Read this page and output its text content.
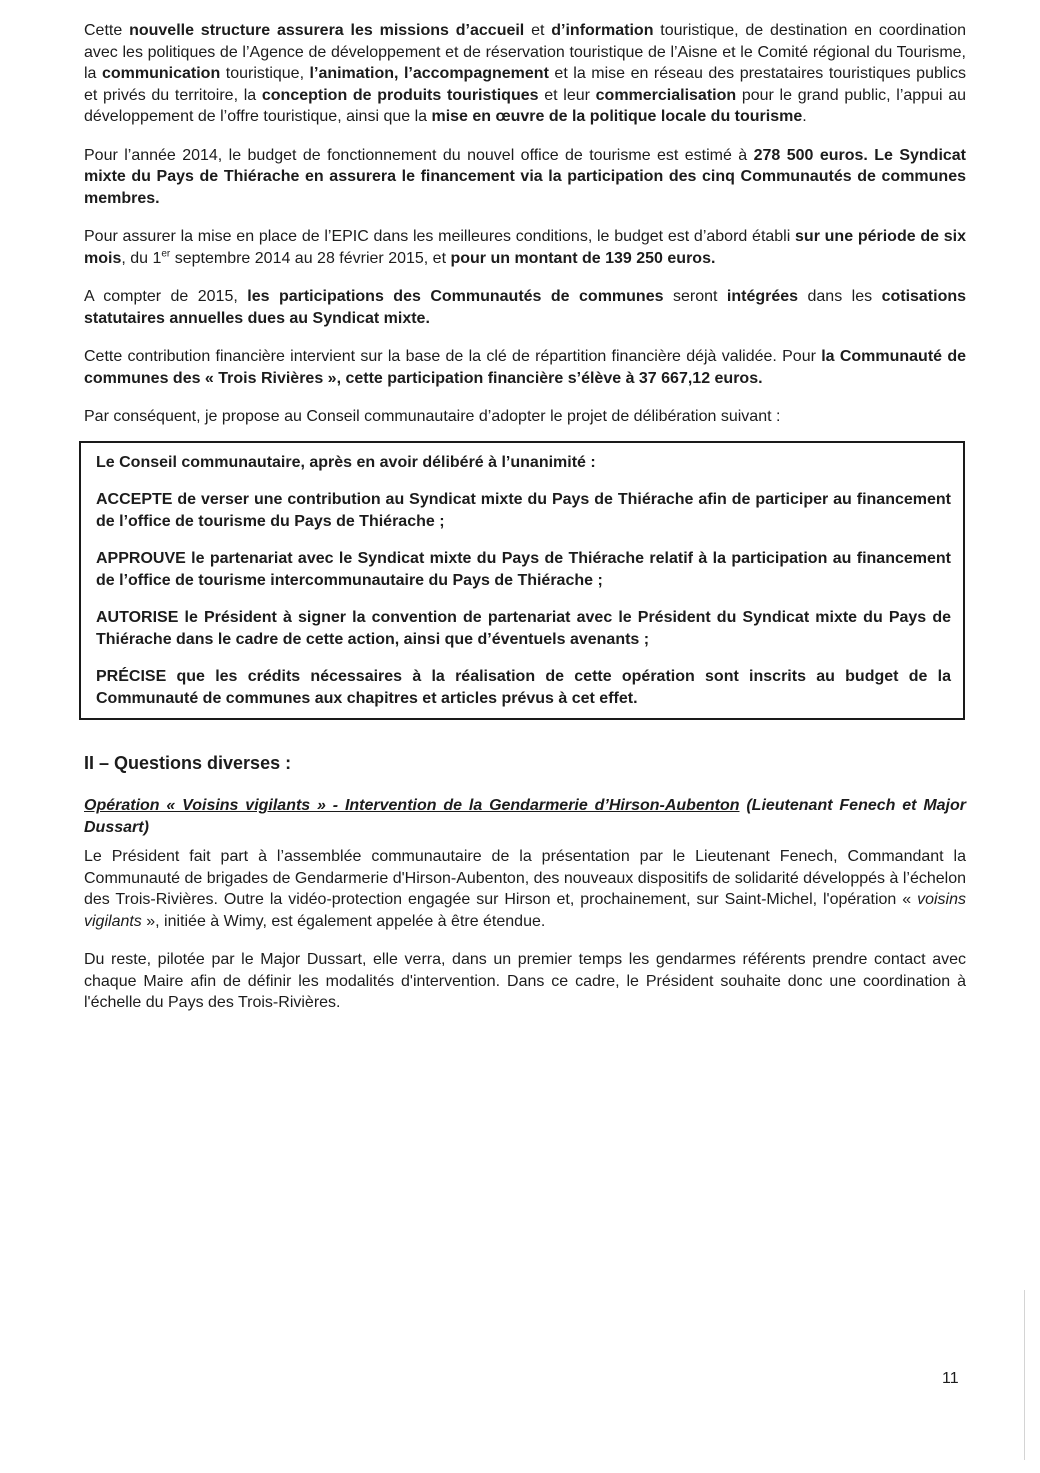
Cette nouvelle structure assurera les missions d’accueil et d’information touristique, de destination en coordination avec les politiques de l’Agence de développement et de réservation touristique de l’Aisne et le Comité régional du Tourisme, la communication touristique, l’animation, l’accompagnement et la mise en réseau des prestataires touristiques publics et privés du territoire, la conception de produits touristiques et leur commercialisation pour le grand public, l’appui au développement de l’offre touristique, ainsi que la mise en œuvre de la politique locale du tourisme.

Pour l’année 2014, le budget de fonctionnement du nouvel office de tourisme est estimé à 278 500 euros. Le Syndicat mixte du Pays de Thiérache en assurera le financement via la participation des cinq Communautés de communes membres.

Pour assurer la mise en place de l’EPIC dans les meilleures conditions, le budget est d’abord établi sur une période de six mois, du 1er septembre 2014 au 28 février 2015, et pour un montant de 139 250 euros.

A compter de 2015, les participations des Communautés de communes seront intégrées dans les cotisations statutaires annuelles dues au Syndicat mixte.

Cette contribution financière intervient sur la base de la clé de répartition financière déjà validée. Pour la Communauté de communes des « Trois Rivières », cette participation financière s’élève à 37 667,12 euros.

Par conséquent, je propose au Conseil communautaire d’adopter le projet de délibération suivant :

Le Conseil communautaire, après en avoir délibéré à l’unanimité :

ACCEPTE de verser une contribution au Syndicat mixte du Pays de Thiérache afin de participer au financement de l’office de tourisme du Pays de Thiérache ;

APPROUVE le partenariat avec le Syndicat mixte du Pays de Thiérache relatif à la participation au financement de l’office de tourisme intercommunautaire du Pays de Thiérache ;

AUTORISE le Président à signer la convention de partenariat avec le Président du Syndicat mixte du Pays de Thiérache dans le cadre de cette action, ainsi que d’éventuels avenants ;

PRÉCISE que les crédits nécessaires à la réalisation de cette opération sont inscrits au budget de la Communauté de communes aux chapitres et articles prévus à cet effet.

II – Questions diverses :

Opération « Voisins vigilants » - Intervention de la Gendarmerie d’Hirson-Aubenton (Lieutenant Fenech et Major Dussart)

Le Président fait part à l’assemblée communautaire de la présentation par le Lieutenant Fenech, Commandant la Communauté de brigades de Gendarmerie d'Hirson-Aubenton, des nouveaux dispositifs de solidarité développés à l’échelon des Trois-Rivières. Outre la vidéo-protection engagée sur Hirson et, prochainement, sur Saint-Michel, l'opération « voisins vigilants », initiée à Wimy, est également appelée à être étendue.

Du reste, pilotée par le Major Dussart, elle verra, dans un premier temps les gendarmes référents prendre contact avec chaque Maire afin de définir les modalités d'intervention. Dans ce cadre, le Président souhaite donc une coordination à l'échelle du Pays des Trois-Rivières.

11
